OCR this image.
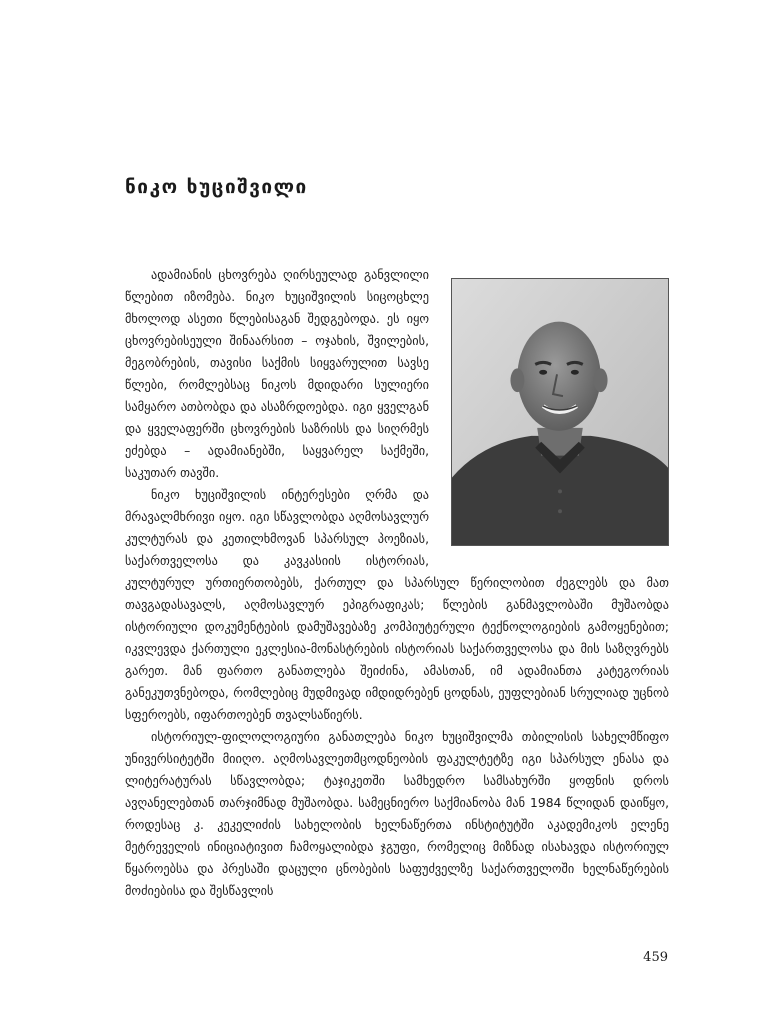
ნიკო ხუციშვილი

ადამიანის ცხოვრება ღირსეულად განვლილი წლებით იზომება. ნიკო ხუციშვილის სიცოცხლე მხოლოდ ასეთი წლებისაგან შედგებოდა. ეს იყო ცხოვრებისეული შინაარსით – ოჯახის, შვილების, მეგობრების, თავისი საქმის სიყვარულით სავსე წლები, რომლებსაც ნიკოს მდიდარი სულიერი სამყარო ათბობდა და ასაზრდოებდა. იგი ყველგან და ყველაფერში ცხოვრების საზრისს და სიღრმეს ეძებდა – ადამიანებში, საყვარელ საქმეში, საკუთარ თავში.

ნიკო ხუციშვილის ინტერესები ღრმა და მრავალმხრივი იყო. იგი სწავლობდა აღმოსავლურ კულტურას და კეთილხმოვან სპარსულ პოეზიას, საქართველოსა და კავკასიის ისტორიას, კულტურულ ურთიერთობებს, ქართულ და სპარსულ წერილობით ძეგლებს და მათ თავგადასავალს, აღმოსავლურ ეპიგრაფიკას; წლების განმავლობაში მუშაობდა ისტორიული დოკუმენტების დამუშავებაზე კომპიუტერული ტექნოლოგიების გამოყენებით; იკვლევდა ქართული ეკლესია-მონასტრების ისტორიას საქართველოსა და მის საზღვრებს გარეთ. მან ფართო განათლება შეიძინა, ამასთან, იმ ადამიანთა კატეგორიას განეკუთვნებოდა, რომლებიც მუდმივად იმდიდრებენ ცოდნას, ეუფლებიან სრულიად უცნობ სფეროებს, იფართოებენ თვალსაწიერს.

ისტორიულ-ფილოლოგიური განათლება ნიკო ხუციშვილმა თბილისის სახელმწიფო უნივერსიტეტში მიიღო. აღმოსავლეთმცოდნეობის ფაკულტეტზე იგი სპარსულ ენასა და ლიტერატურას სწავლობდა; ტაჯიკეთში სამხედრო სამსახურში ყოფნის დროს ავღანელებთან თარჯიმნად მუშაობდა. სამეცნიერო საქმიანობა მან 1984 წლიდან დაიწყო, როდესაც კ. კეკელიძის სახელობის ხელნაწერთა ინსტიტუტში აკადემიკოს ელენე მეტრეველის ინიციატივით ჩამოყალიბდა ჯგუფი, რომელიც მიზნად ისახავდა ისტორიულ წყაროებსა და პრესაში დაცული ცნობების საფუძველზე საქართველოში ხელნაწერების მოძიებისა და შესწავლის

459
